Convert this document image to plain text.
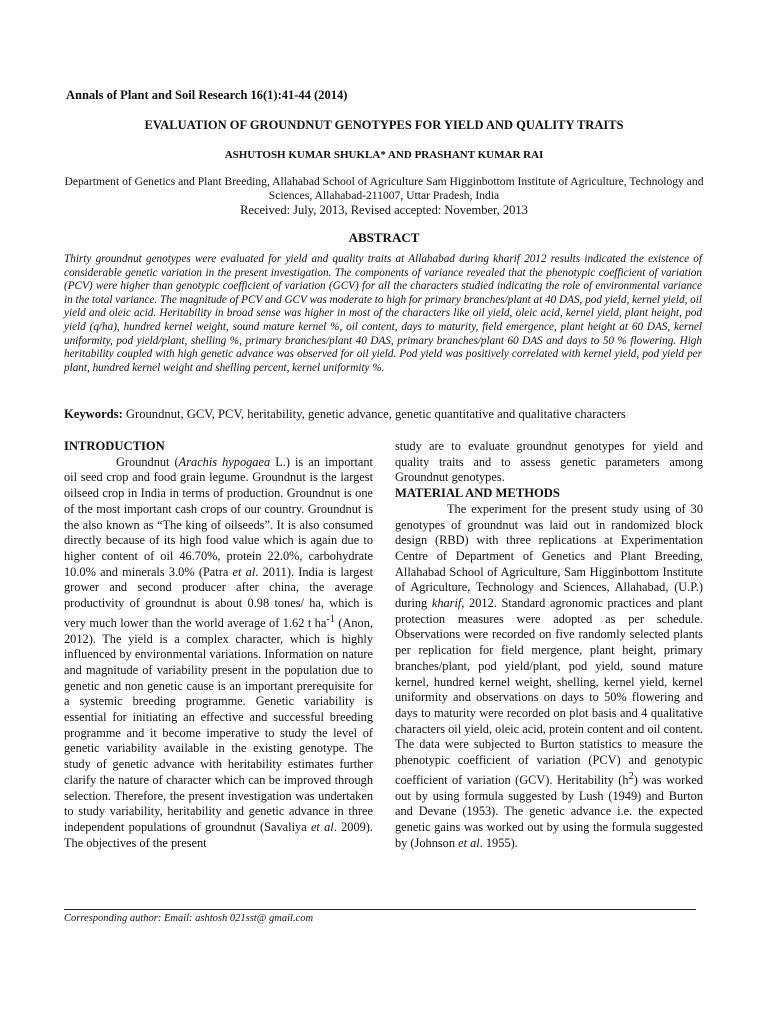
Annals of Plant and Soil Research 16(1):41-44 (2014)
EVALUATION OF GROUNDNUT GENOTYPES FOR YIELD AND QUALITY TRAITS
ASHUTOSH KUMAR SHUKLA* AND PRASHANT KUMAR RAI
Department of Genetics and Plant Breeding, Allahabad School of Agriculture Sam Higginbottom Institute of Agriculture, Technology and Sciences, Allahabad-211007, Uttar Pradesh, India
Received: July, 2013, Revised accepted: November, 2013
ABSTRACT
Thirty groundnut genotypes were evaluated for yield and quality traits at Allahabad during kharif 2012 results indicated the existence of considerable genetic variation in the present investigation. The components of variance revealed that the phenotypic coefficient of variation (PCV) were higher than genotypic coefficient of variation (GCV) for all the characters studied indicating the role of environmental variance in the total variance. The magnitude of PCV and GCV was moderate to high for primary branches/plant at 40 DAS, pod yield, kernel yield, oil yield and oleic acid. Heritability in broad sense was higher in most of the characters like oil yield, oleic acid, kernel yield, plant height, pod yield (q/ha), hundred kernel weight, sound mature kernel %, oil content, days to maturity, field emergence, plant height at 60 DAS, kernel uniformity, pod yield/plant, shelling %, primary branches/plant 40 DAS, primary branches/plant 60 DAS and days to 50 % flowering. High heritability coupled with high genetic advance was observed for oil yield. Pod yield was positively correlated with kernel yield, pod yield per plant, hundred kernel weight and shelling percent, kernel uniformity %.
Keywords: Groundnut, GCV, PCV, heritability, genetic advance, genetic quantitative and qualitative characters
INTRODUCTION

Groundnut (Arachis hypogaea L.) is an important oil seed crop and food grain legume. Groundnut is the largest oilseed crop in India in terms of production. Groundnut is one of the most important cash crops of our country. Groundnut is the also known as “The king of oilseeds”. It is also consumed directly because of its high food value which is again due to higher content of oil 46.70%, protein 22.0%, carbohydrate 10.0% and minerals 3.0% (Patra et al. 2011). India is largest grower and second producer after china, the average productivity of groundnut is about 0.98 tones/ ha, which is very much lower than the world average of 1.62 t $ha^{-1}$ (Anon, 2012). The yield is a complex character, which is highly influenced by environmental variations. Information on nature and magnitude of variability present in the population due to genetic and non genetic cause is an important prerequisite for a systemic breeding programme. Genetic variability is essential for initiating an effective and successful breeding programme and it become imperative to study the level of genetic variability available in the existing genotype. The study of genetic advance with heritability estimates further clarify the nature of character which can be improved through selection. Therefore, the present investigation was undertaken to study variability, heritability and genetic advance in three independent populations of groundnut (Savaliya et al. 2009). The objectives of the present

study are to evaluate groundnut genotypes for yield and quality traits and to assess genetic parameters among Groundnut genotypes.

MATERIAL AND METHODS

The experiment for the present study using of 30 genotypes of groundnut was laid out in randomized block design (RBD) with three replications at Experimentation Centre of Department of Genetics and Plant Breeding, Allahabad School of Agriculture, Sam Higginbottom Institute of Agriculture, Technology and Sciences, Allahabad, (U.P.) during kharif, 2012. Standard agronomic practices and plant protection measures were adopted as per schedule. Observations were recorded on five randomly selected plants per replication for field mergence, plant height, primary branches/plant, pod yield/plant, pod yield, sound mature kernel, hundred kernel weight, shelling, kernel yield, kernel uniformity and observations on days to 50% flowering and days to maturity were recorded on plot basis and 4 qualitative characters oil yield, oleic acid, protein content and oil content. The data were subjected to Burton statistics to measure the phenotypic coefficient of variation (PCV) and genotypic coefficient of variation (GCV). Heritability $(h^2)$ was worked out by using formula suggested by Lush (1949) and Burton and Devane (1953). The genetic advance i.e. the expected genetic gains was worked out by using the formula suggested by (Johnson et al. 1955).

Corresponding author: Email: ashtosh 021sst@ gmail.com
